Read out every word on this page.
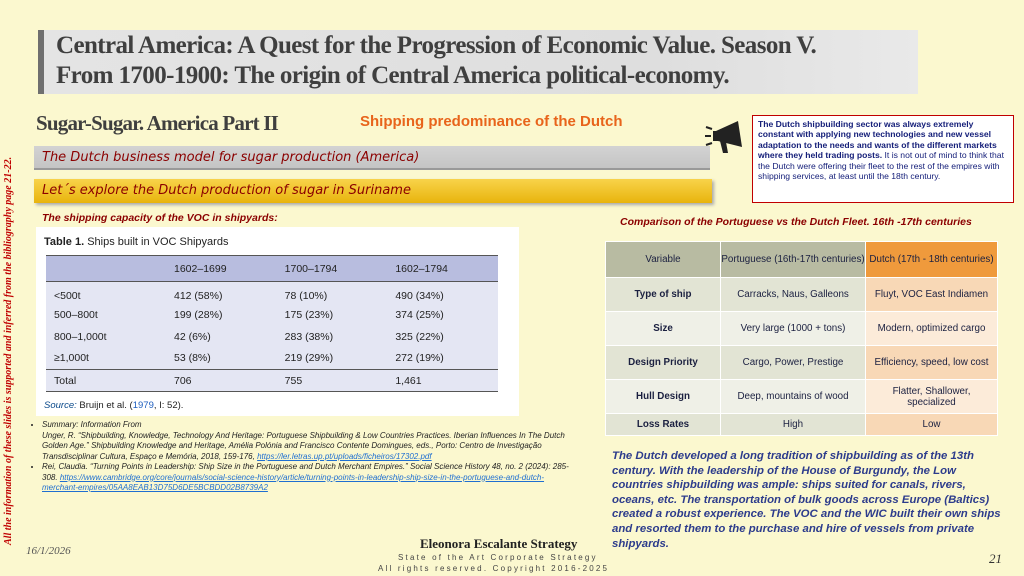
Central America: A Quest for the Progression of Economic Value. Season V.
From 1700-1900: The origin of Central America political-economy.
All the information of these slides is supported and inferred from the bibliography page 21-22.
Sugar-Sugar. America Part II	Shipping predominance of the Dutch	The Dutch shipbuilding sector was always extremely constant with applying new technologies and new vessel adaptation to the needs and wants of the different markets where they held trading posts. It is not out of mind to think that the Dutch were offering their fleet to the rest of the empires with shipping services, at least until the 18th century.
The Dutch business model for sugar production (America)
Let´s explore the Dutch production of sugar in Suriname
The shipping capacity of the VOC in shipyards:
Table 1. Ships built in VOC Shipyards
	1602–1699	1700–1794	1602–1794
<500t	412 (58%)	78 (10%)	490 (34%)
500–800t	199 (28%)	175 (23%)	374 (25%)
800–1,000t	42 (6%)	283 (38%)	325 (22%)
≥1,000t	53 (8%)	219 (29%)	272 (19%)
Total	706	755	1,461
Source: Bruijn et al. (1979, I: 52).
• Summary: Information From
Unger, R. “Shipbuilding, Knowledge, Technology And Heritage: Portuguese Shipbuilding & Low Countries Practices. Iberian Influences In The Dutch Golden Age.” Shipbuilding Knowledge and Heritage, Amélia Polónia and Francisco Contente Domingues, eds., Porto: Centro de Investigação Transdisciplinar Cultura, Espaço e Memória, 2018, 159-176, https://ler.letras.up.pt/uploads/ficheiros/17302.pdf
• Rei, Claudia. “Turning Points in Leadership: Ship Size in the Portuguese and Dutch Merchant Empires.” Social Science History 48, no. 2 (2024): 285-308. https://www.cambridge.org/core/journals/social-science-history/article/turning-points-in-leadership-ship-size-in-the-portuguese-and-dutch-merchant-empires/05AA8EAB13D75D6DE5BCBDD02B8739A2
Comparison of the Portuguese vs the Dutch Fleet. 16th -17th centuries
Variable	Portuguese (16th-17th centuries)	Dutch (17th - 18th centuries)
Type of ship	Carracks, Naus, Galleons	Fluyt, VOC East Indiamen
Size	Very large (1000 + tons)	Modern, optimized cargo
Design Priority	Cargo, Power, Prestige	Efficiency, speed, low cost
Hull Design	Deep, mountains of wood	Flatter, Shallower, specialized
Loss Rates	High	Low
The Dutch developed a long tradition of shipbuilding as of the 13th century. With the leadership of the House of Burgundy, the Low countries shipbuilding was ample: ships suited for canals, rivers, oceans, etc. The transportation of bulk goods across Europe (Baltics) created a robust experience. The VOC and the WIC built their own ships and resorted them to the purchase and hire of vessels from private shipyards.
16/1/2026	Eleonora Escalante Strategy
State of the Art Corporate Strategy
All rights reserved. Copyright 2016-2025
21
